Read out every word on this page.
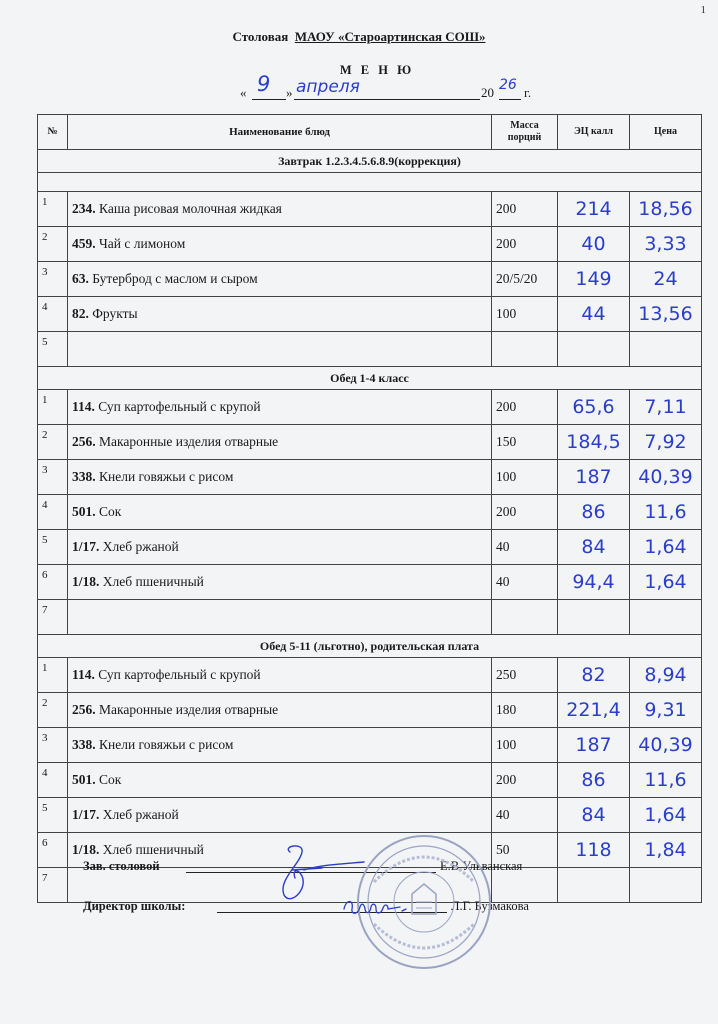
1
Столовая МАОУ «Староартинская СОШ»
М Е Н Ю
« 9 » апреля	20 26 г.
№	Наименование блюд	Масса порций	ЭЦ калл	Цена
Завтрак 1.2.3.4.5.6.8.9(коррекция)				

1	234. Каша рисовая молочная жидкая	200	214	18,56
2	459. Чай с лимоном	200	40	3,33
3	63. Бутерброд с маслом и сыром	20/5/20	149	24
4	82. Фрукты	100	44	13,56
5				
Обед 1-4 класс				
1	114. Суп картофельный с крупой	200	65,6	7,11
2	256. Макаронные изделия отварные	150	184,5	7,92
3	338. Кнели говяжьи с рисом	100	187	40,39
4	501. Сок	200	86	11,6
5	1/17. Хлеб ржаной	40	84	1,64
6	1/18. Хлеб пшеничный	40	94,4	1,64
7				
Обед 5-11 (льготно), родительская плата				
1	114. Суп картофельный с крупой	250	82	8,94
2	256. Макаронные изделия отварные	180	221,4	9,31
3	338. Кнели говяжьи с рисом	100	187	40,39
4	501. Сок	200	86	11,6
5	1/17. Хлеб ржаной	40	84	1,64
6	1/18. Хлеб пшеничный	50	118	1,84
7				
Зав. столовой	Е.В.Ульванская
Директор школы:	Л.Г. Бузмакова
